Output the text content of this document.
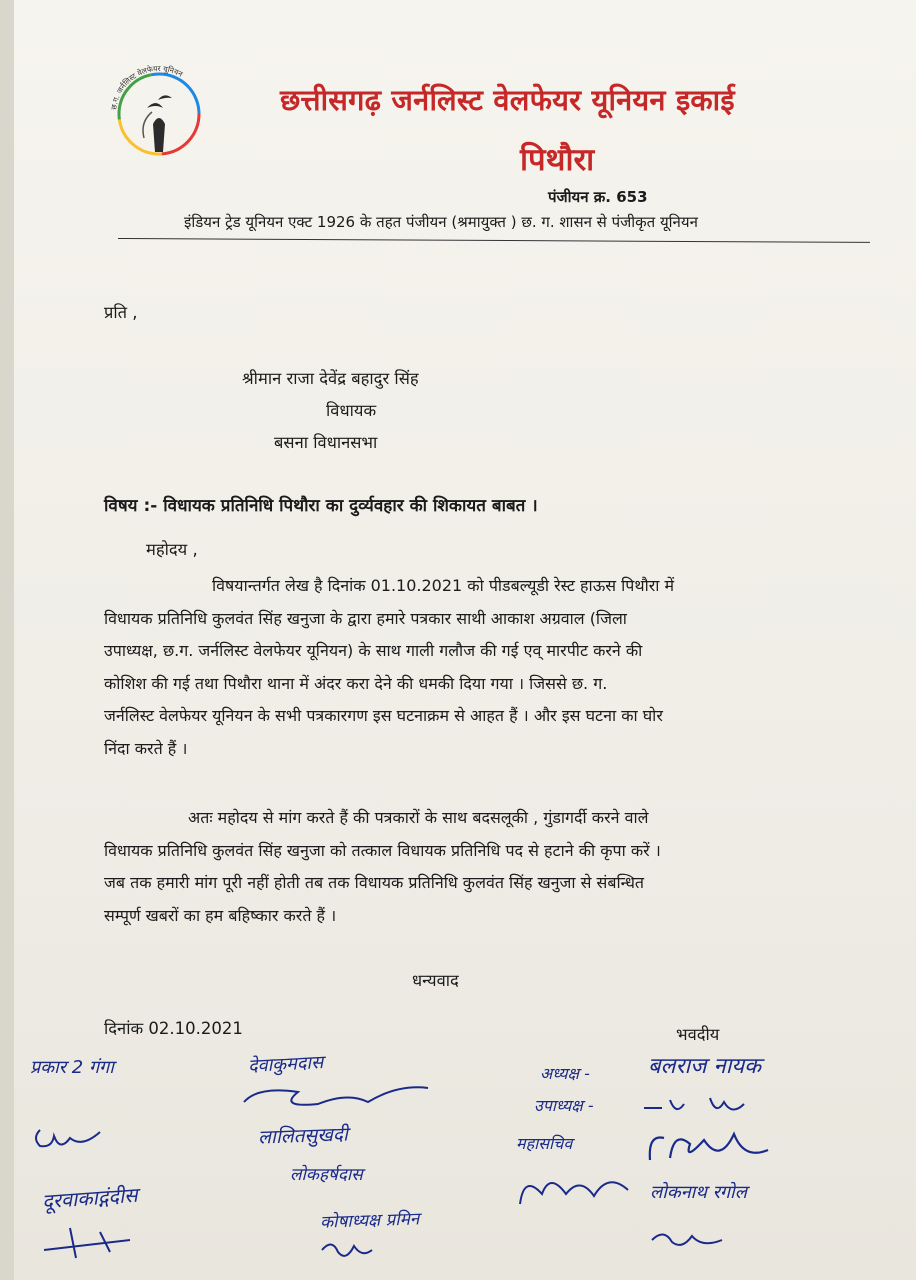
छ.ग. जर्नलिस्ट वेलफेयर यूनियन
छत्तीसगढ़ जर्नलिस्ट वेलफेयर यूनियन इकाई
पिथौरा
पंजीयन क्र. 653
इंडियन ट्रेड यूनियन एक्ट 1926 के तहत पंजीयन (श्रमायुक्त ) छ. ग. शासन से पंजीकृत यूनियन
प्रति ,
श्रीमान राजा देवेंद्र बहादुर सिंह
विधायक
बसना विधानसभा
विषय :- विधायक प्रतिनिधि पिथौरा का दुर्व्यवहार की शिकायत बाबत ।
महोदय ,
विषयान्तर्गत लेख है दिनांक 01.10.2021 को पीडबल्यूडी रेस्ट हाऊस पिथौरा में
विधायक प्रतिनिधि कुलवंत सिंह खनुजा के द्वारा हमारे पत्रकार साथी आकाश अग्रवाल (जिला
उपाध्यक्ष, छ.ग. जर्नलिस्ट वेलफेयर यूनियन) के साथ गाली गलौज की गई एव् मारपीट करने की
कोशिश की गई तथा पिथौरा थाना में अंदर करा देने की धमकी दिया गया । जिससे छ. ग.
जर्नलिस्ट वेलफेयर यूनियन के सभी पत्रकारगण इस घटनाक्रम से आहत हैं । और इस घटना का घोर
निंदा करते हैं ।
अतः महोदय से मांग करते हैं की पत्रकारों के साथ बदसलूकी , गुंडागर्दी करने वाले
विधायक प्रतिनिधि कुलवंत सिंह खनुजा को तत्काल विधायक प्रतिनिधि पद से हटाने की कृपा करें ।
जब तक हमारी मांग पूरी नहीं होती तब तक विधायक प्रतिनिधि कुलवंत सिंह खनुजा से संबन्धित
सम्पूर्ण खबरों का हम बहिष्कार करते हैं ।
धन्यवाद
दिनांक 02.10.2021	भवदीय
प्रकार 2 गंगा
दूरवाकाद्गंदीस
देवाकुमदास
लालितसुखदी
लोकहर्षदास
कोषाध्यक्ष प्रमिन
अध्यक्ष -	बलराज नायक
उपाध्यक्ष -
महासचिव
लोकनाथ रगोल
